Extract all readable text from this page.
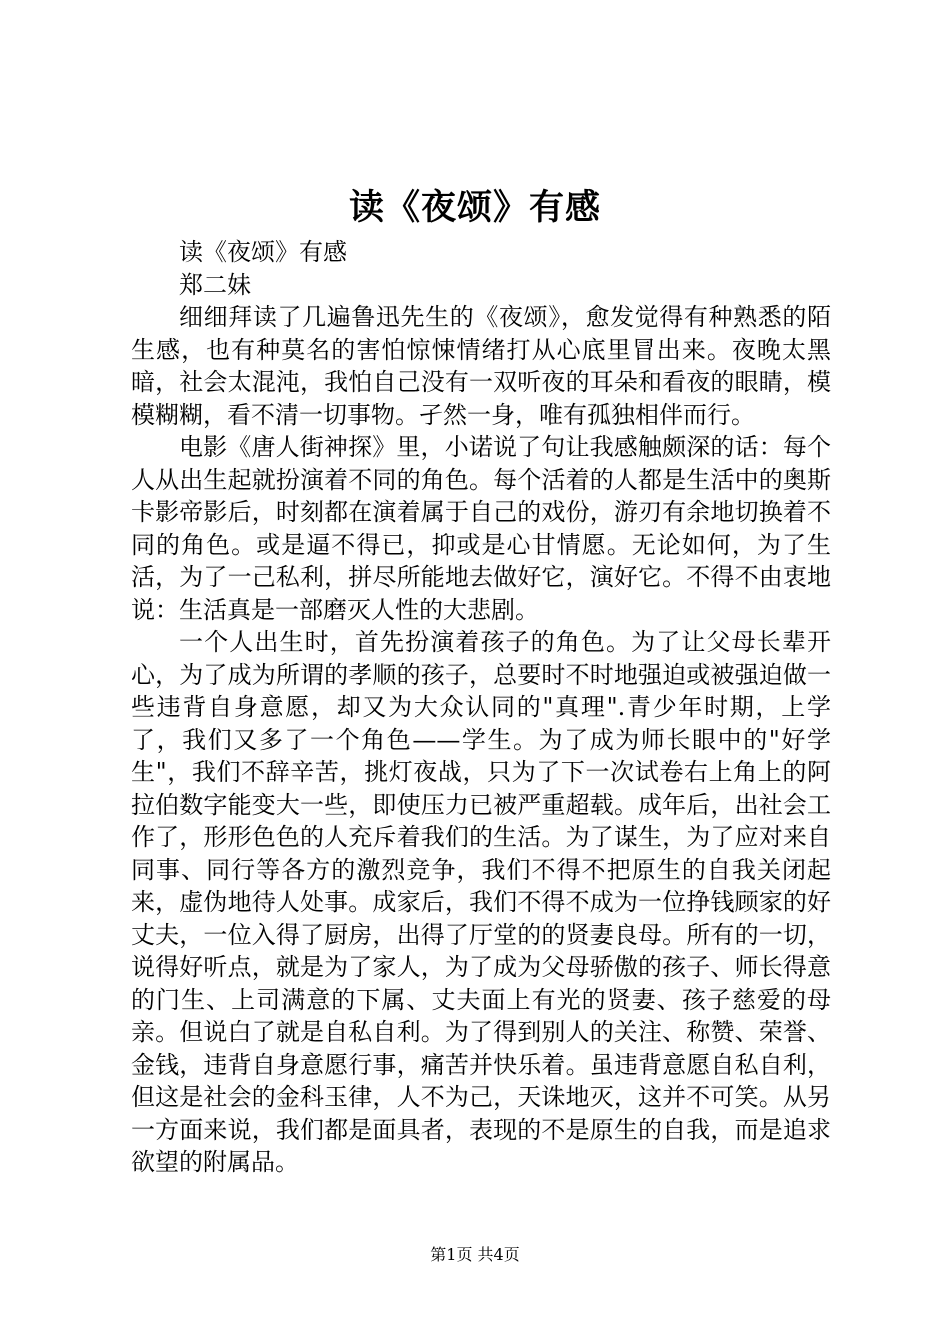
读《夜颂》有感

读《夜颂》有感

郑二妹

细细拜读了几遍鲁迅先生的《夜颂》，愈发觉得有种熟悉的陌生感，也有种莫名的害怕惊悚情绪打从心底里冒出来。夜晚太黑暗，社会太混沌，我怕自己没有一双听夜的耳朵和看夜的眼睛，模模糊糊，看不清一切事物。孑然一身，唯有孤独相伴而行。

电影《唐人街神探》里，小诺说了句让我感触颇深的话：每个人从出生起就扮演着不同的角色。每个活着的人都是生活中的奥斯卡影帝影后，时刻都在演着属于自己的戏份，游刃有余地切换着不同的角色。或是逼不得已，抑或是心甘情愿。无论如何，为了生活，为了一己私利，拼尽所能地去做好它，演好它。不得不由衷地说：生活真是一部磨灭人性的大悲剧。

一个人出生时，首先扮演着孩子的角色。为了让父母长辈开心，为了成为所谓的孝顺的孩子，总要时不时地强迫或被强迫做一些违背自身意愿，却又为大众认同的"真理".青少年时期，上学了，我们又多了一个角色——学生。为了成为师长眼中的"好学生"，我们不辞辛苦，挑灯夜战，只为了下一次试卷右上角上的阿拉伯数字能变大一些，即使压力已被严重超载。成年后，出社会工作了，形形色色的人充斥着我们的生活。为了谋生，为了应对来自同事、同行等各方的激烈竞争，我们不得不把原生的自我关闭起来，虚伪地待人处事。成家后，我们不得不成为一位挣钱顾家的好丈夫，一位入得了厨房，出得了厅堂的的贤妻良母。所有的一切，说得好听点，就是为了家人，为了成为父母骄傲的孩子、师长得意的门生、上司满意的下属、丈夫面上有光的贤妻、孩子慈爱的母亲。但说白了就是自私自利。为了得到别人的关注、称赞、荣誉、金钱，违背自身意愿行事，痛苦并快乐着。虽违背意愿自私自利，但这是社会的金科玉律，人不为己，天诛地灭，这并不可笑。从另一方面来说，我们都是面具者，表现的不是原生的自我，而是追求欲望的附属品。

第1页 共4页
